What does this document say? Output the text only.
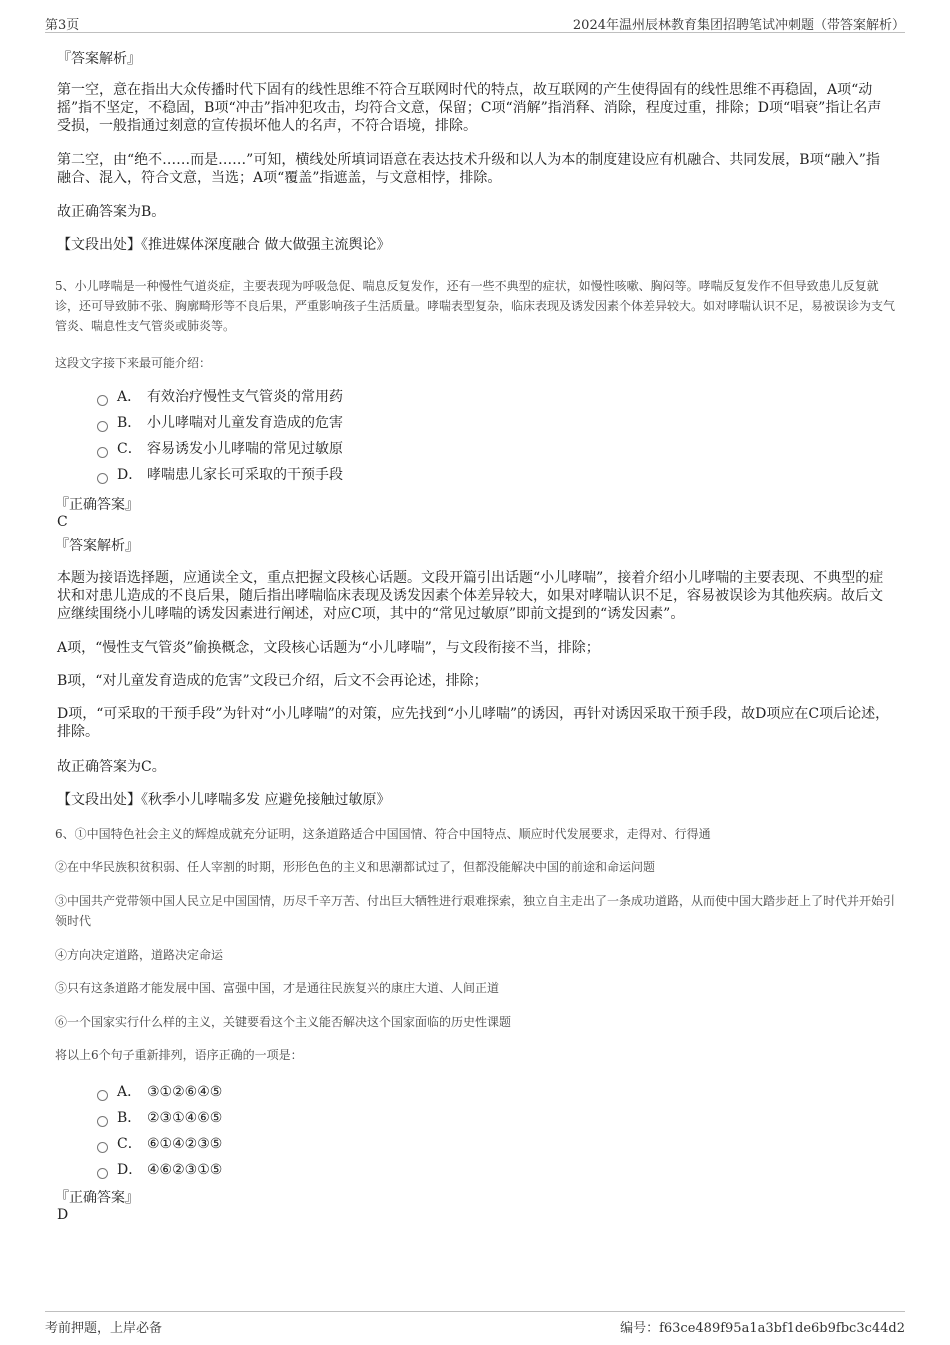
第3页	2024年温州辰林教育集团招聘笔试冲刺题（带答案解析）
『答案解析』
第一空，意在指出大众传播时代下固有的线性思维不符合互联网时代的特点，故互联网的产生使得固有的线性思维不再稳固，A项“动摇”指不坚定，不稳固，B项“冲击”指冲犯攻击，均符合文意，保留；C项“消解”指消释、消除，程度过重，排除；D项“唱衰”指让名声受损，一般指通过刻意的宣传损坏他人的名声，不符合语境，排除。
第二空，由“绝不……而是……”可知，横线处所填词语意在表达技术升级和以人为本的制度建设应有机融合、共同发展，B项“融入”指融合、混入，符合文意，当选；A项“覆盖”指遮盖，与文意相悖，排除。
故正确答案为B。
【文段出处】《推进媒体深度融合 做大做强主流舆论》
5、小儿哮喘是一种慢性气道炎症，主要表现为呼吸急促、喘息反复发作，还有一些不典型的症状，如慢性咳嗽、胸闷等。哮喘反复发作不但导致患儿反复就诊，还可导致肺不张、胸廓畸形等不良后果，严重影响孩子生活质量。哮喘表型复杂，临床表现及诱发因素个体差异较大。如对哮喘认识不足，易被误诊为支气管炎、喘息性支气管炎或肺炎等。
这段文字接下来最可能介绍：
A． 有效治疗慢性支气管炎的常用药
B． 小儿哮喘对儿童发育造成的危害
C． 容易诱发小儿哮喘的常见过敏原
D． 哮喘患儿家长可采取的干预手段
『正确答案』
C
『答案解析』
本题为接语选择题，应通读全文，重点把握文段核心话题。文段开篇引出话题“小儿哮喘”，接着介绍小儿哮喘的主要表现、不典型的症状和对患儿造成的不良后果，随后指出哮喘临床表现及诱发因素个体差异较大，如果对哮喘认识不足，容易被误诊为其他疾病。故后文应继续围绕小儿哮喘的诱发因素进行阐述，对应C项，其中的“常见过敏原”即前文提到的“诱发因素”。
A项，“慢性支气管炎”偷换概念，文段核心话题为“小儿哮喘”，与文段衔接不当，排除；
B项，“对儿童发育造成的危害”文段已介绍，后文不会再论述，排除；
D项，“可采取的干预手段”为针对“小儿哮喘”的对策，应先找到“小儿哮喘”的诱因，再针对诱因采取干预手段，故D项应在C项后论述，排除。
故正确答案为C。
【文段出处】《秋季小儿哮喘多发 应避免接触过敏原》
6、①中国特色社会主义的辉煌成就充分证明，这条道路适合中国国情、符合中国特点、顺应时代发展要求，走得对、行得通
②在中华民族积贫积弱、任人宰割的时期，形形色色的主义和思潮都试过了，但都没能解决中国的前途和命运问题
③中国共产党带领中国人民立足中国国情，历尽千辛万苦、付出巨大牺牲进行艰难探索，独立自主走出了一条成功道路，从而使中国大踏步赶上了时代并开始引领时代
④方向决定道路，道路决定命运
⑤只有这条道路才能发展中国、富强中国，才是通往民族复兴的康庄大道、人间正道
⑥一个国家实行什么样的主义，关键要看这个主义能否解决这个国家面临的历史性课题
将以上6个句子重新排列，语序正确的一项是：
A． ③①②⑥④⑤
B． ②③①④⑥⑤
C． ⑥①④②③⑤
D． ④⑥②③①⑤
『正确答案』
D
考前押题，上岸必备	编号：f63ce489f95a1a3bf1de6b9fbc3c44d2
